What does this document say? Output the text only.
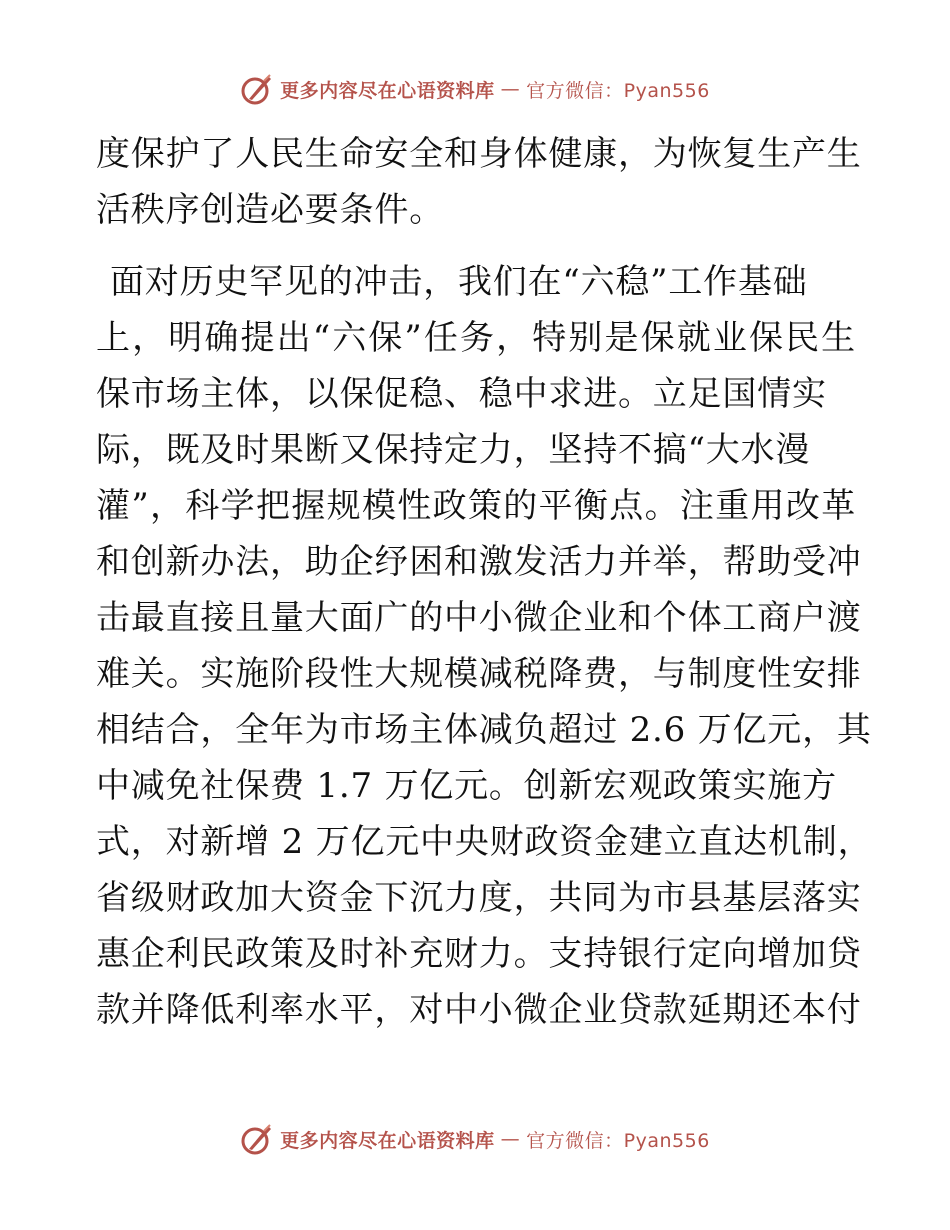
更多内容尽在心语资料库 — 官方微信：Pyan556
度保护了人民生命安全和身体健康，为恢复生产生
活秩序创造必要条件。
面对历史罕见的冲击，我们在“六稳”工作基础
上，明确提出“六保”任务，特别是保就业保民生
保市场主体，以保促稳、稳中求进。立足国情实
际，既及时果断又保持定力，坚持不搞“大水漫
灌”，科学把握规模性政策的平衡点。注重用改革
和创新办法，助企纾困和激发活力并举，帮助受冲
击最直接且量大面广的中小微企业和个体工商户渡
难关。实施阶段性大规模减税降费，与制度性安排
相结合，全年为市场主体减负超过 2.6 万亿元，其
中减免社保费 1.7 万亿元。创新宏观政策实施方
式，对新增 2 万亿元中央财政资金建立直达机制，
省级财政加大资金下沉力度，共同为市县基层落实
惠企利民政策及时补充财力。支持银行定向增加贷
款并降低利率水平，对中小微企业贷款延期还本付
更多内容尽在心语资料库 — 官方微信：Pyan556
